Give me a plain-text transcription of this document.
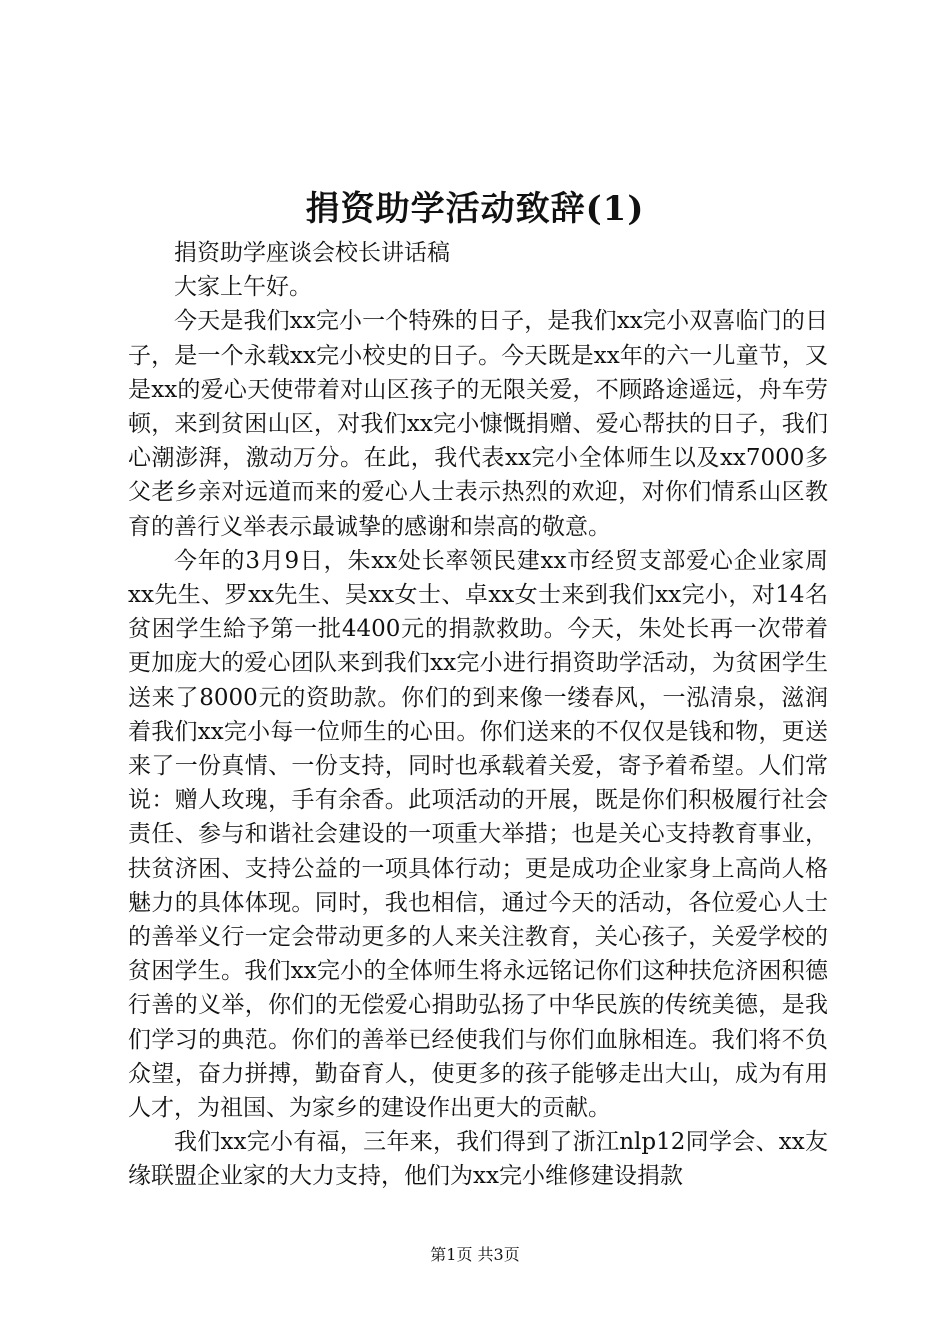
捐资助学活动致辞(1)

捐资助学座谈会校长讲话稿

大家上午好。

今天是我们xx完小一个特殊的日子，是我们xx完小双喜临门的日子，是一个永载xx完小校史的日子。今天既是xx年的六一儿童节，又是xx的爱心天使带着对山区孩子的无限关爱，不顾路途遥远，舟车劳顿，来到贫困山区，对我们xx完小慷慨捐赠、爱心帮扶的日子，我们心潮澎湃，激动万分。在此，我代表xx完小全体师生以及xx7000多父老乡亲对远道而来的爱心人士表示热烈的欢迎，对你们情系山区教育的善行义举表示最诚挚的感谢和崇高的敬意。

今年的3月9日，朱xx处长率领民建xx市经贸支部爱心企业家周xx先生、罗xx先生、吴xx女士、卓xx女士来到我们xx完小，对14名贫困学生給予第一批4400元的捐款救助。今天，朱处长再一次带着更加庞大的爱心团队来到我们xx完小进行捐资助学活动，为贫困学生送来了8000元的资助款。你们的到来像一缕春风，一泓清泉，滋润着我们xx完小每一位师生的心田。你们送来的不仅仅是钱和物，更送来了一份真情、一份支持，同时也承载着关爱，寄予着希望。人们常说：赠人玫瑰，手有余香。此项活动的开展，既是你们积极履行社会责任、参与和谐社会建设的一项重大举措；也是关心支持教育事业，扶贫济困、支持公益的一项具体行动；更是成功企业家身上高尚人格魅力的具体体现。同时，我也相信，通过今天的活动，各位爱心人士的善举义行一定会带动更多的人来关注教育，关心孩子，关爱学校的贫困学生。我们xx完小的全体师生将永远铭记你们这种扶危济困积德行善的义举，你们的无偿爱心捐助弘扬了中华民族的传统美德，是我们学习的典范。你们的善举已经使我们与你们血脉相连。我们将不负众望，奋力拼搏，勤奋育人，使更多的孩子能够走出大山，成为有用人才，为祖国、为家乡的建设作出更大的贡献。

我们xx完小有福，三年来，我们得到了浙江nlp12同学会、xx友缘联盟企业家的大力支持，他们为xx完小维修建设捐款

第1页 共3页
